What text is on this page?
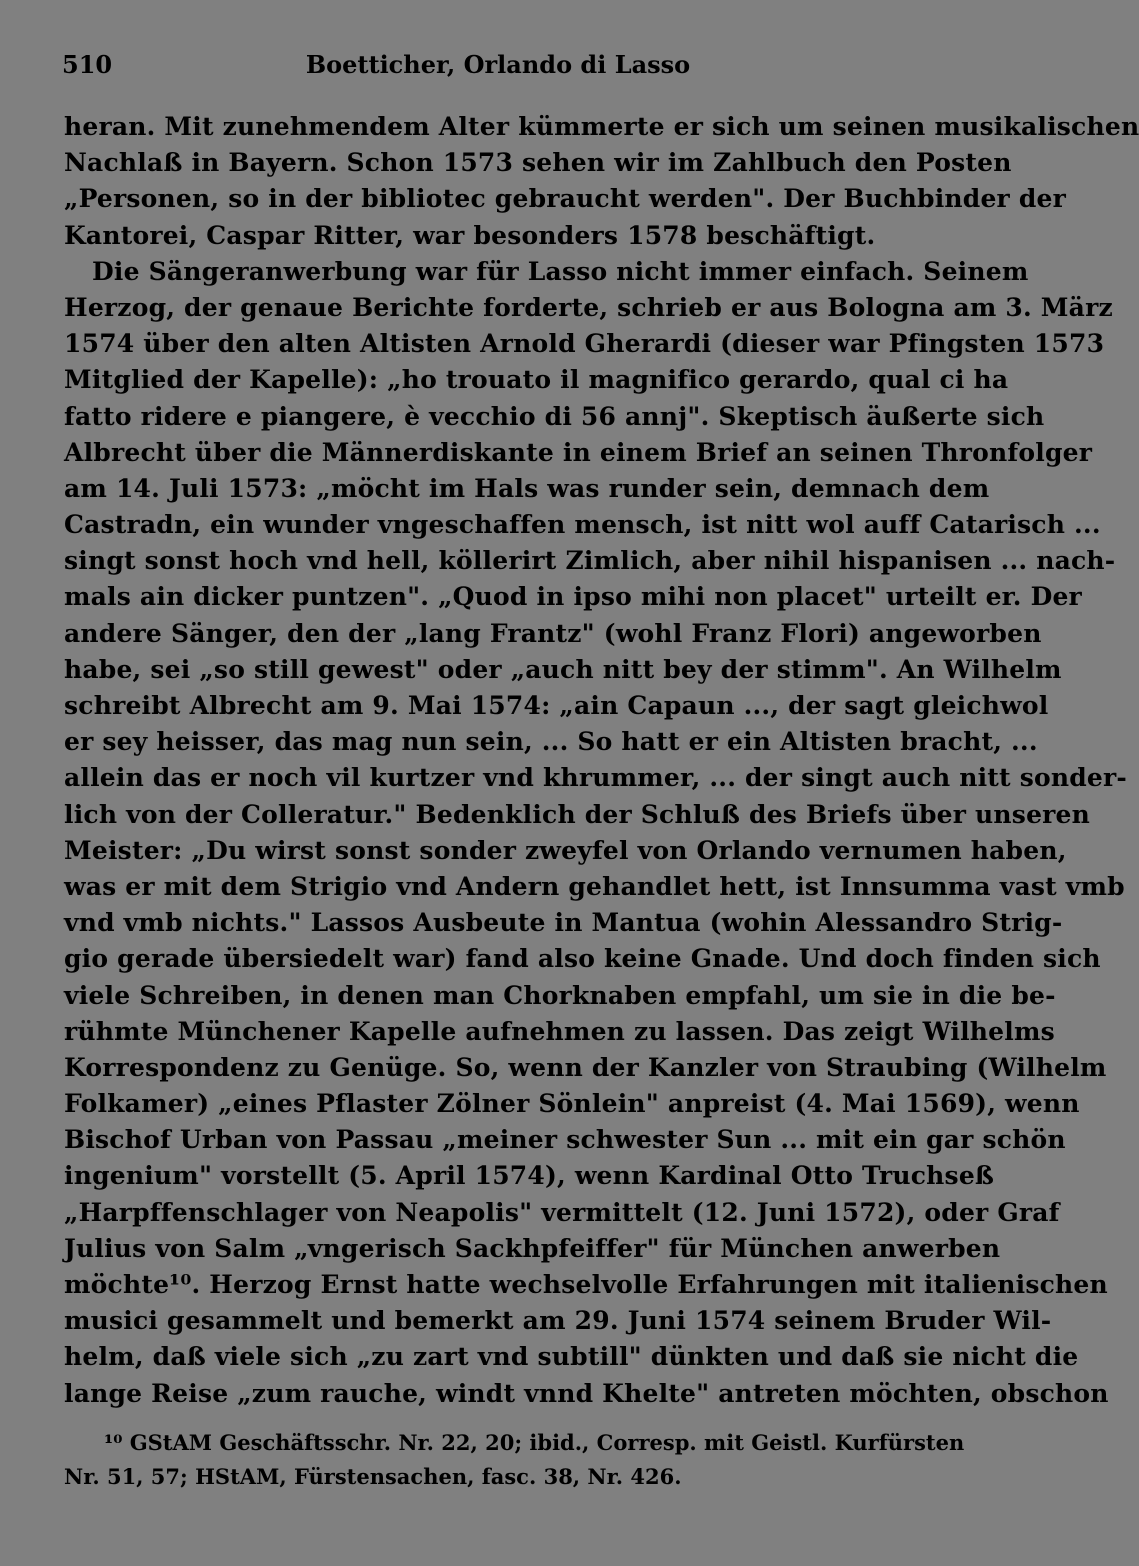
510	Boetticher, Orlando di Lasso
heran. Mit zunehmendem Alter kümmerte er sich um seinen musikalischen
Nachlaß in Bayern. Schon 1573 sehen wir im Zahlbuch den Posten
„Personen, so in der bibliotec gebraucht werden". Der Buchbinder der
Kantorei, Caspar Ritter, war besonders 1578 beschäftigt.
Die Sängeranwerbung war für Lasso nicht immer einfach. Seinem
Herzog, der genaue Berichte forderte, schrieb er aus Bologna am 3. März
1574 über den alten Altisten Arnold Gherardi (dieser war Pfingsten 1573
Mitglied der Kapelle): „ho trouato il magnifico gerardo, qual ci ha
fatto ridere e piangere, è vecchio di 56 annj". Skeptisch äußerte sich
Albrecht über die Männerdiskante in einem Brief an seinen Thronfolger
am 14. Juli 1573: „möcht im Hals was runder sein, demnach dem
Castradn, ein wunder vngeschaffen mensch, ist nitt wol auff Catarisch ...
singt sonst hoch vnd hell, köllerirt Zimlich, aber nihil hispanisen ... nach-
mals ain dicker puntzen". „Quod in ipso mihi non placet" urteilt er. Der
andere Sänger, den der „lang Frantz" (wohl Franz Flori) angeworben
habe, sei „so still gewest" oder „auch nitt bey der stimm". An Wilhelm
schreibt Albrecht am 9. Mai 1574: „ain Capaun ..., der sagt gleichwol
er sey heisser, das mag nun sein, ... So hatt er ein Altisten bracht, ...
allein das er noch vil kurtzer vnd khrummer, ... der singt auch nitt sonder-
lich von der Colleratur." Bedenklich der Schluß des Briefs über unseren
Meister: „Du wirst sonst sonder zweyfel von Orlando vernumen haben,
was er mit dem Strigio vnd Andern gehandlet hett, ist Innsumma vast vmb
vnd vmb nichts." Lassos Ausbeute in Mantua (wohin Alessandro Strig-
gio gerade übersiedelt war) fand also keine Gnade. Und doch finden sich
viele Schreiben, in denen man Chorknaben empfahl, um sie in die be-
rühmte Münchener Kapelle aufnehmen zu lassen. Das zeigt Wilhelms
Korrespondenz zu Genüge. So, wenn der Kanzler von Straubing (Wilhelm
Folkamer) „eines Pflaster Zölner Sönlein" anpreist (4. Mai 1569), wenn
Bischof Urban von Passau „meiner schwester Sun ... mit ein gar schön
ingenium" vorstellt (5. April 1574), wenn Kardinal Otto Truchseß
„Harpffenschlager von Neapolis" vermittelt (12. Juni 1572), oder Graf
Julius von Salm „vngerisch Sackhpfeiffer" für München anwerben
möchte¹⁰. Herzog Ernst hatte wechselvolle Erfahrungen mit italienischen
musici gesammelt und bemerkt am 29. Juni 1574 seinem Bruder Wil-
helm, daß viele sich „zu zart vnd subtill" dünkten und daß sie nicht die
lange Reise „zum rauche, windt vnnd Khelte" antreten möchten, obschon
¹⁰ GStAM Geschäftsschr. Nr. 22, 20; ibid., Corresp. mit Geistl. Kurfürsten
Nr. 51, 57; HStAM, Fürstensachen, fasc. 38, Nr. 426.
